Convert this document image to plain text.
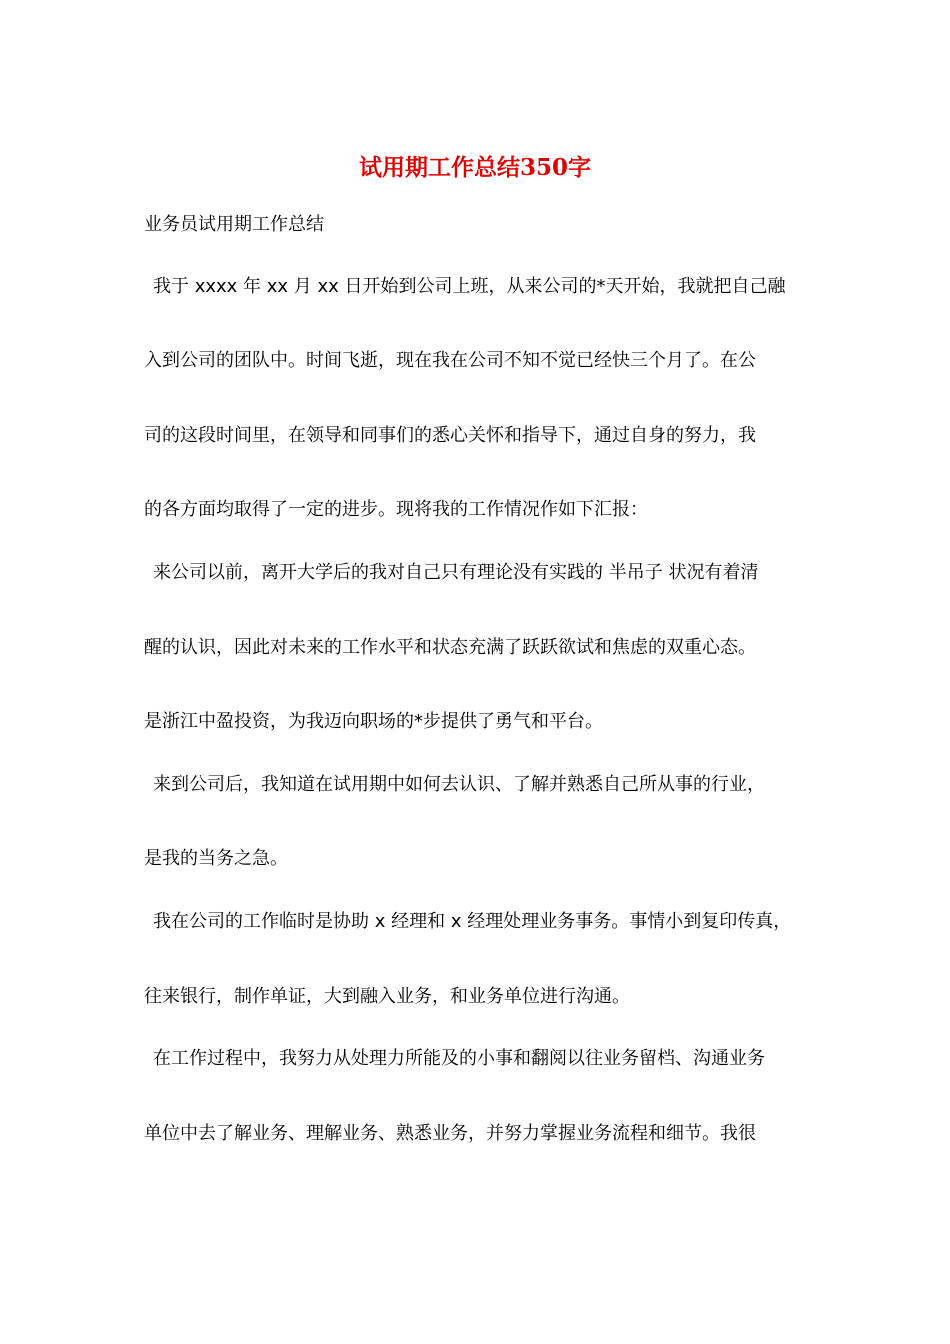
试用期工作总结350字
业务员试用期工作总结
我于 xxxx 年 xx 月 xx 日开始到公司上班，从来公司的*天开始，我就把自己融
入到公司的团队中。时间飞逝，现在我在公司不知不觉已经快三个月了。在公
司的这段时间里，在领导和同事们的悉心关怀和指导下，通过自身的努力，我
的各方面均取得了一定的进步。现将我的工作情况作如下汇报：
来公司以前，离开大学后的我对自己只有理论没有实践的 半吊子 状况有着清
醒的认识，因此对未来的工作水平和状态充满了跃跃欲试和焦虑的双重心态。
是浙江中盈投资，为我迈向职场的*步提供了勇气和平台。
来到公司后，我知道在试用期中如何去认识、了解并熟悉自己所从事的行业，
是我的当务之急。
我在公司的工作临时是协助 x 经理和 x 经理处理业务事务。事情小到复印传真，
往来银行，制作单证，大到融入业务，和业务单位进行沟通。
在工作过程中，我努力从处理力所能及的小事和翻阅以往业务留档、沟通业务
单位中去了解业务、理解业务、熟悉业务，并努力掌握业务流程和细节。我很
